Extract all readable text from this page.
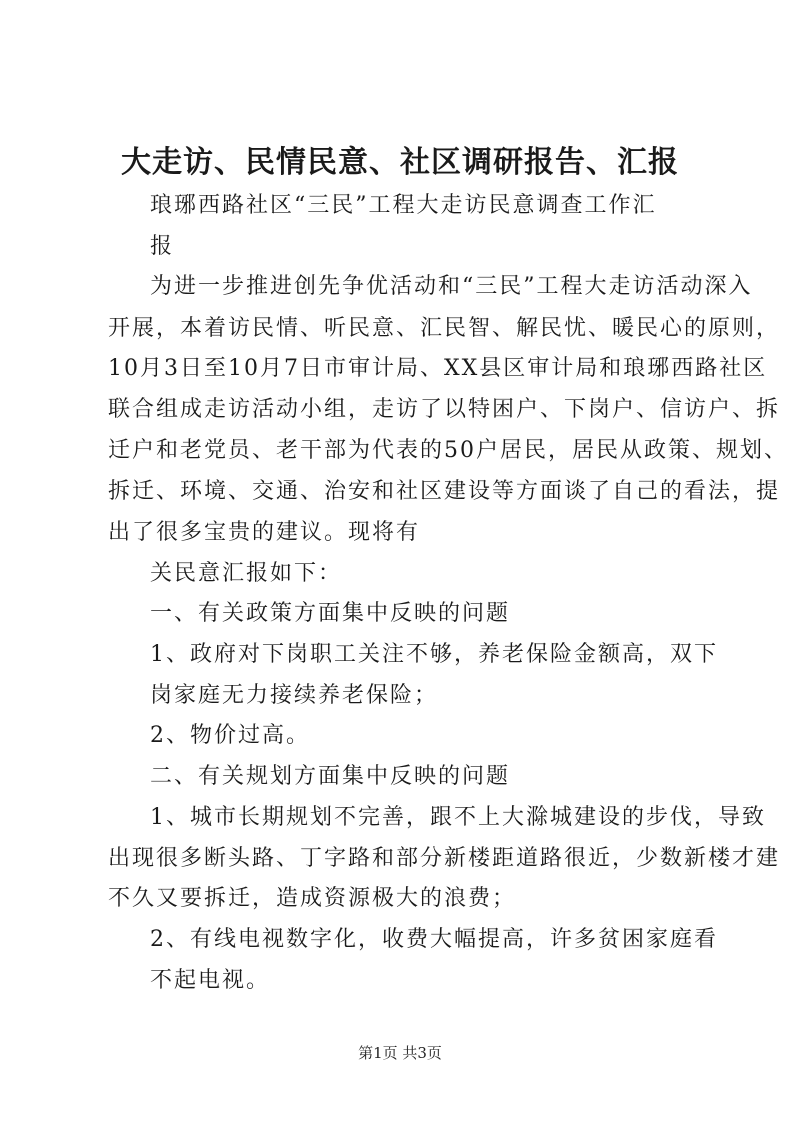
大走访、民情民意、社区调研报告、汇报
琅琊西路社区“三民”工程大走访民意调查工作汇
报
为进一步推进创先争优活动和“三民”工程大走访活动深入
开展，本着访民情、听民意、汇民智、解民忧、暖民心的原则，
10月3日至10月7日市审计局、XX县区审计局和琅琊西路社区
联合组成走访活动小组，走访了以特困户、下岗户、信访户、拆
迁户和老党员、老干部为代表的50户居民，居民从政策、规划、
拆迁、环境、交通、治安和社区建设等方面谈了自己的看法，提
出了很多宝贵的建议。现将有
关民意汇报如下：
一、有关政策方面集中反映的问题
1、政府对下岗职工关注不够，养老保险金额高，双下
岗家庭无力接续养老保险；
2、物价过高。
二、有关规划方面集中反映的问题
1、城市长期规划不完善，跟不上大滁城建设的步伐，导致
出现很多断头路、丁字路和部分新楼距道路很近，少数新楼才建
不久又要拆迁，造成资源极大的浪费；
2、有线电视数字化，收费大幅提高，许多贫困家庭看
不起电视。
第1页 共3页
